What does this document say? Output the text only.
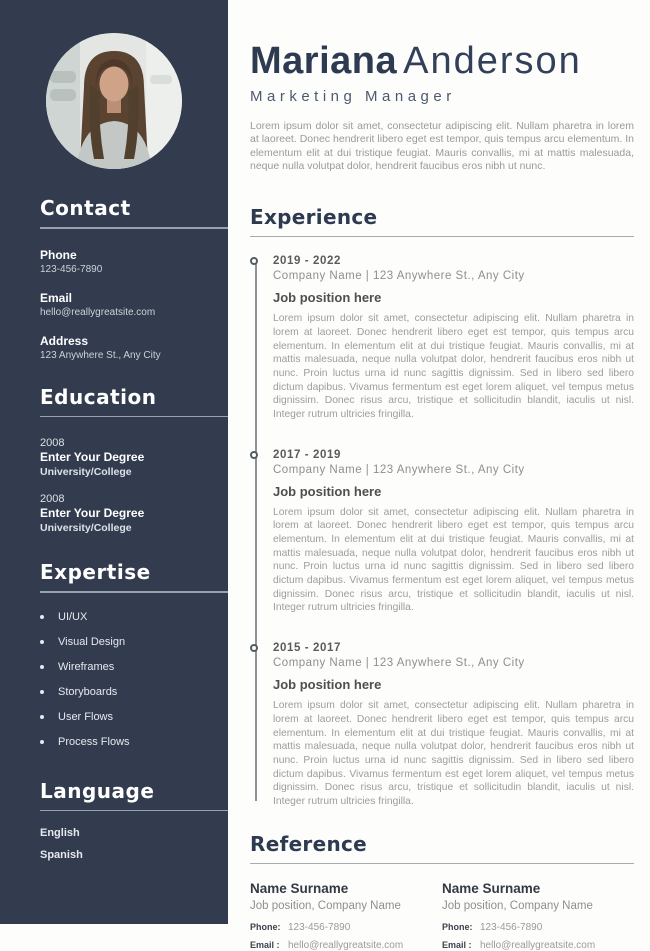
Contact
Phone
123-456-7890
Email
hello@reallygreatsite.com
Address
123 Anywhere St., Any City
Education
2008
Enter Your Degree
University/College
2008
Enter Your Degree
University/College
Expertise
UI/UX
Visual Design
Wireframes
Storyboards
User Flows
Process Flows
Language
English
Spanish
Mariana Anderson
Marketing Manager

Lorem ipsum dolor sit amet, consectetur adipiscing elit. Nullam pharetra in lorem at laoreet. Donec hendrerit libero eget est tempor, quis tempus arcu elementum. In elementum elit at dui tristique feugiat. Mauris convallis, mi at mattis malesuada, neque nulla volutpat dolor, hendrerit faucibus eros nibh ut nunc.

Experience
2019 - 2022
Company Name | 123 Anywhere St., Any City
Job position here

Lorem ipsum dolor sit amet, consectetur adipiscing elit. Nullam pharetra in lorem at laoreet. Donec hendrerit libero eget est tempor, quis tempus arcu elementum. In elementum elit at dui tristique feugiat. Mauris convallis, mi at mattis malesuada, neque nulla volutpat dolor, hendrerit faucibus eros nibh ut nunc. Proin luctus urna id nunc sagittis dignissim. Sed in libero sed libero dictum dapibus. Vivamus fermentum est eget lorem aliquet, vel tempus metus dignissim. Donec risus arcu, tristique et sollicitudin blandit, iaculis ut nisl. Integer rutrum ultricies fringilla.

2017 - 2019
Company Name | 123 Anywhere St., Any City
Job position here

Lorem ipsum dolor sit amet, consectetur adipiscing elit. Nullam pharetra in lorem at laoreet. Donec hendrerit libero eget est tempor, quis tempus arcu elementum. In elementum elit at dui tristique feugiat. Mauris convallis, mi at mattis malesuada, neque nulla volutpat dolor, hendrerit faucibus eros nibh ut nunc. Proin luctus urna id nunc sagittis dignissim. Sed in libero sed libero dictum dapibus. Vivamus fermentum est eget lorem aliquet, vel tempus metus dignissim. Donec risus arcu, tristique et sollicitudin blandit, iaculis ut nisl. Integer rutrum ultricies fringilla.

2015 - 2017
Company Name | 123 Anywhere St., Any City
Job position here

Lorem ipsum dolor sit amet, consectetur adipiscing elit. Nullam pharetra in lorem at laoreet. Donec hendrerit libero eget est tempor, quis tempus arcu elementum. In elementum elit at dui tristique feugiat. Mauris convallis, mi at mattis malesuada, neque nulla volutpat dolor, hendrerit faucibus eros nibh ut nunc. Proin luctus urna id nunc sagittis dignissim. Sed in libero sed libero dictum dapibus. Vivamus fermentum est eget lorem aliquet, vel tempus metus dignissim. Donec risus arcu, tristique et sollicitudin blandit, iaculis ut nisl. Integer rutrum ultricies fringilla.

Reference
Name Surname
Job position, Company Name
Phone: 123-456-7890
Email : hello@reallygreatsite.com
Name Surname
Job position, Company Name
Phone: 123-456-7890
Email : hello@reallygreatsite.com
